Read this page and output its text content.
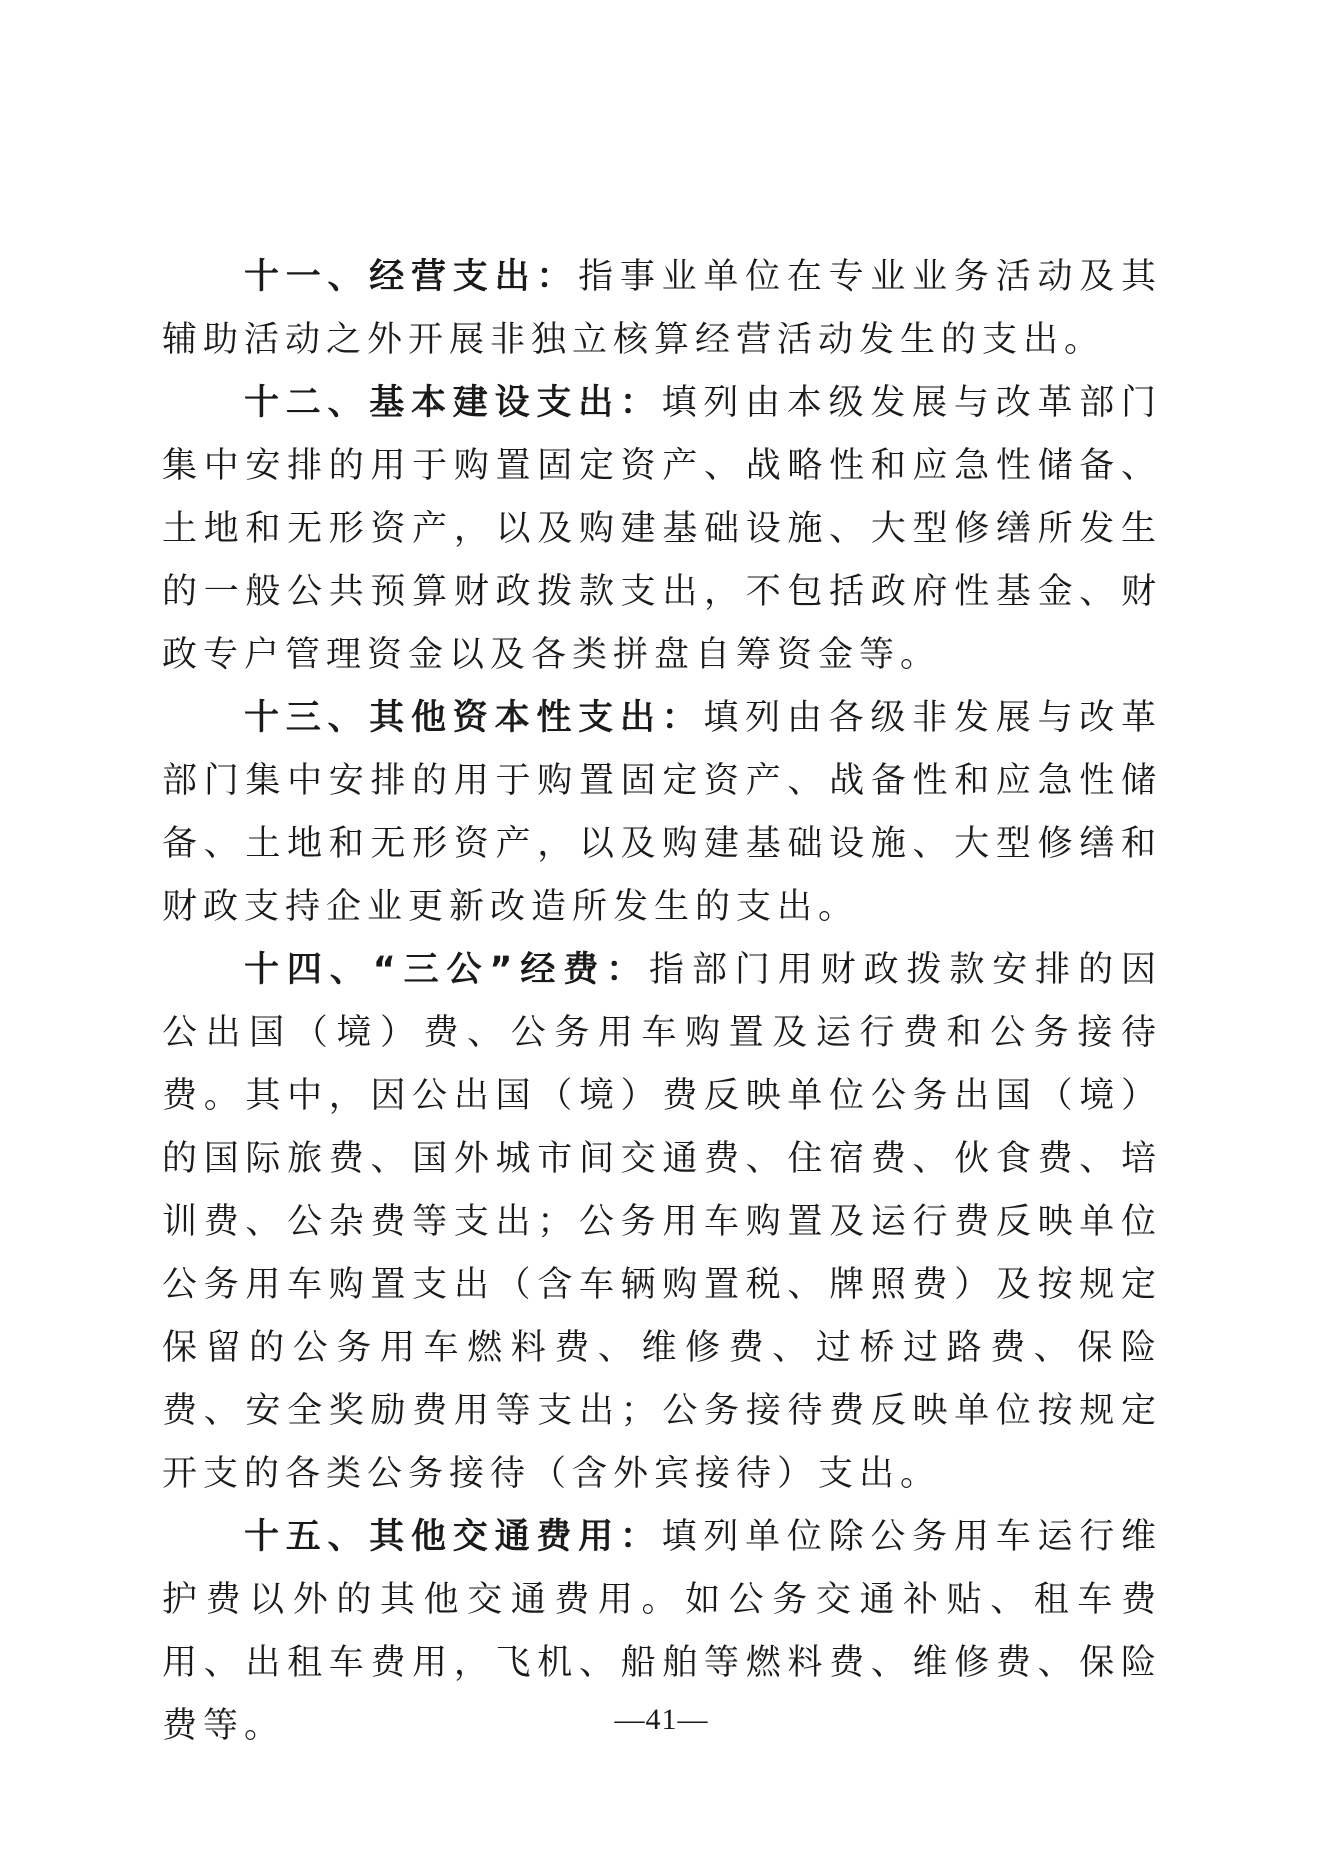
十一、经营支出：指事业单位在专业业务活动及其辅助活动之外开展非独立核算经营活动发生的支出。

十二、基本建设支出：填列由本级发展与改革部门集中安排的用于购置固定资产、战略性和应急性储备、土地和无形资产，以及购建基础设施、大型修缮所发生的一般公共预算财政拨款支出，不包括政府性基金、财政专户管理资金以及各类拼盘自筹资金等。

十三、其他资本性支出：填列由各级非发展与改革部门集中安排的用于购置固定资产、战备性和应急性储备、土地和无形资产，以及购建基础设施、大型修缮和财政支持企业更新改造所发生的支出。

十四、“三公”经费：指部门用财政拨款安排的因公出国（境）费、公务用车购置及运行费和公务接待费。其中，因公出国（境）费反映单位公务出国（境）的国际旅费、国外城市间交通费、住宿费、伙食费、培训费、公杂费等支出；公务用车购置及运行费反映单位公务用车购置支出（含车辆购置税、牌照费）及按规定保留的公务用车燃料费、维修费、过桥过路费、保险费、安全奖励费用等支出；公务接待费反映单位按规定开支的各类公务接待（含外宾接待）支出。

十五、其他交通费用：填列单位除公务用车运行维护费以外的其他交通费用。如公务交通补贴、租车费用、出租车费用，飞机、船舶等燃料费、维修费、保险费等。	—41—
